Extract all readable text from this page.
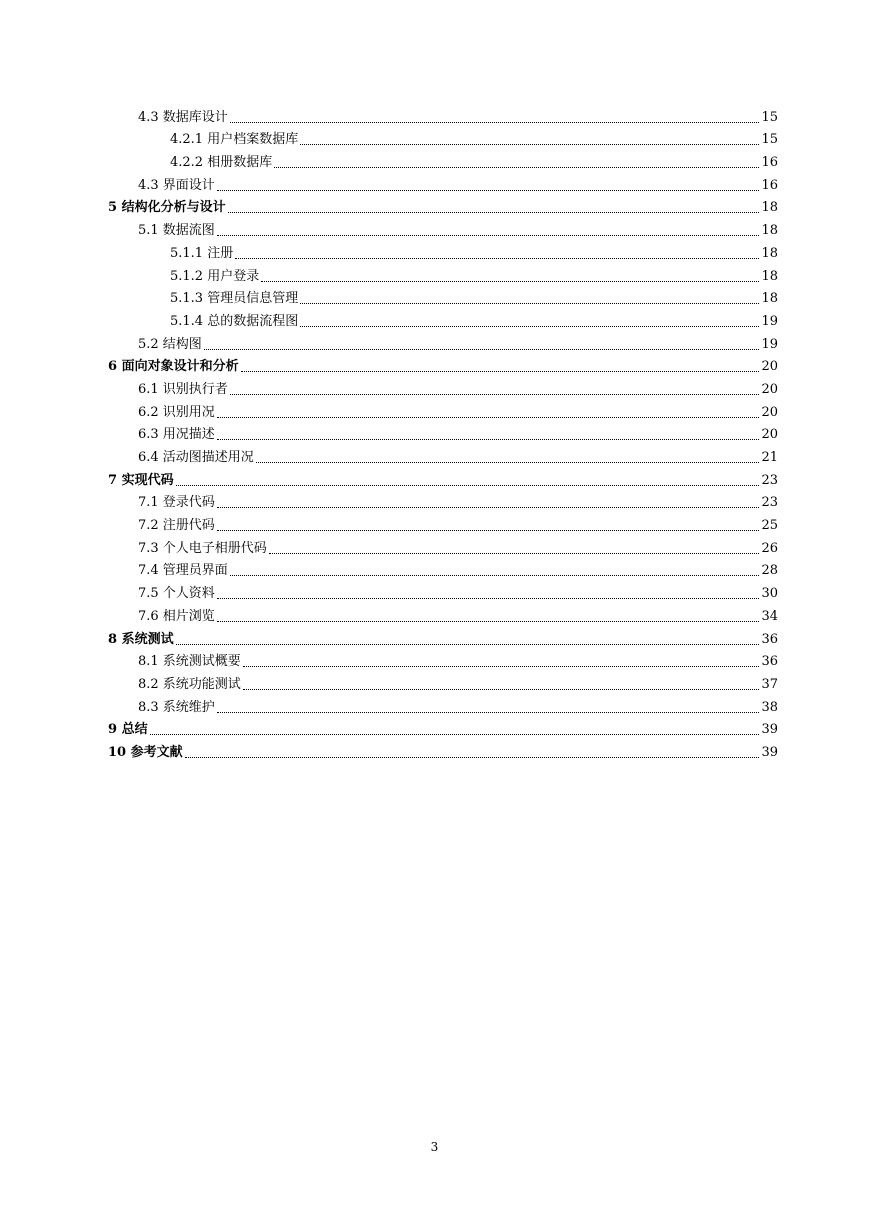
4.3 数据库设计	15
4.2.1 用户档案数据库	15
4.2.2 相册数据库	16
4.3 界面设计	16
5 结构化分析与设计	18
5.1 数据流图	18
5.1.1 注册	18
5.1.2 用户登录	18
5.1.3 管理员信息管理	18
5.1.4 总的数据流程图	19
5.2 结构图	19
6 面向对象设计和分析	20
6.1 识别执行者	20
6.2 识别用况	20
6.3 用况描述	20
6.4 活动图描述用况	21
7 实现代码	23
7.1 登录代码	23
7.2 注册代码	25
7.3 个人电子相册代码	26
7.4 管理员界面	28
7.5 个人资料	30
7.6 相片浏览	34
8 系统测试	36
8.1 系统测试概要	36
8.2 系统功能测试	37
8.3 系统维护	38
9 总结	39
10 参考文献	39
3
